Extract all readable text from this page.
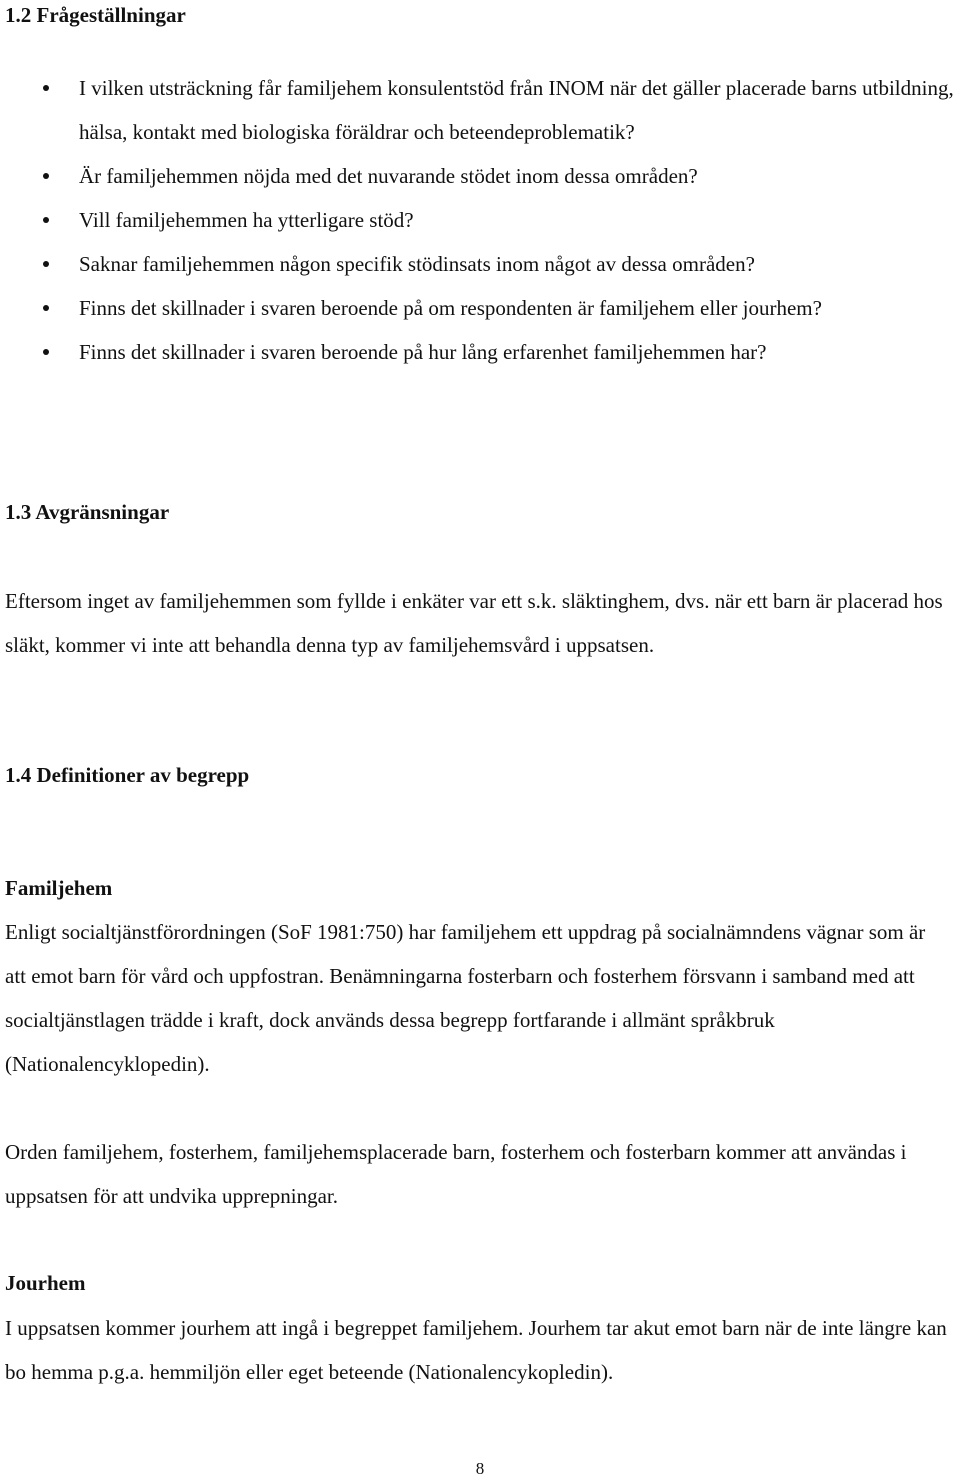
1.2 Frågeställningar
I vilken utsträckning får familjehem konsulentstöd från INOM när det gäller placerade barns utbildning, hälsa, kontakt med biologiska föräldrar och beteendeproblematik?
Är familjehemmen nöjda med det nuvarande stödet inom dessa områden?
Vill familjehemmen ha ytterligare stöd?
Saknar familjehemmen någon specifik stödinsats inom något av dessa områden?
Finns det skillnader i svaren beroende på om respondenten är familjehem eller jourhem?
Finns det skillnader i svaren beroende på hur lång erfarenhet familjehemmen har?
1.3 Avgränsningar

Eftersom inget av familjehemmen som fyllde i enkäter var ett s.k. släktinghem, dvs. när ett barn är placerad hos släkt, kommer vi inte att behandla denna typ av familjehemsvård i uppsatsen.

1.4 Definitioner av begrepp
Familjehem

Enligt socialtjänstförordningen (SoF 1981:750) har familjehem ett uppdrag på socialnämndens vägnar som är att emot barn för vård och uppfostran. Benämningarna fosterbarn och fosterhem försvann i samband med att socialtjänstlagen trädde i kraft, dock används dessa begrepp fortfarande i allmänt språkbruk (Nationalencyklopedin).

Orden familjehem, fosterhem, familjehemsplacerade barn, fosterhem och fosterbarn kommer att användas i uppsatsen för att undvika upprepningar.

Jourhem

I uppsatsen kommer jourhem att ingå i begreppet familjehem. Jourhem tar akut emot barn när de inte längre kan bo hemma p.g.a. hemmiljön eller eget beteende (Nationalencykopledin).

8
